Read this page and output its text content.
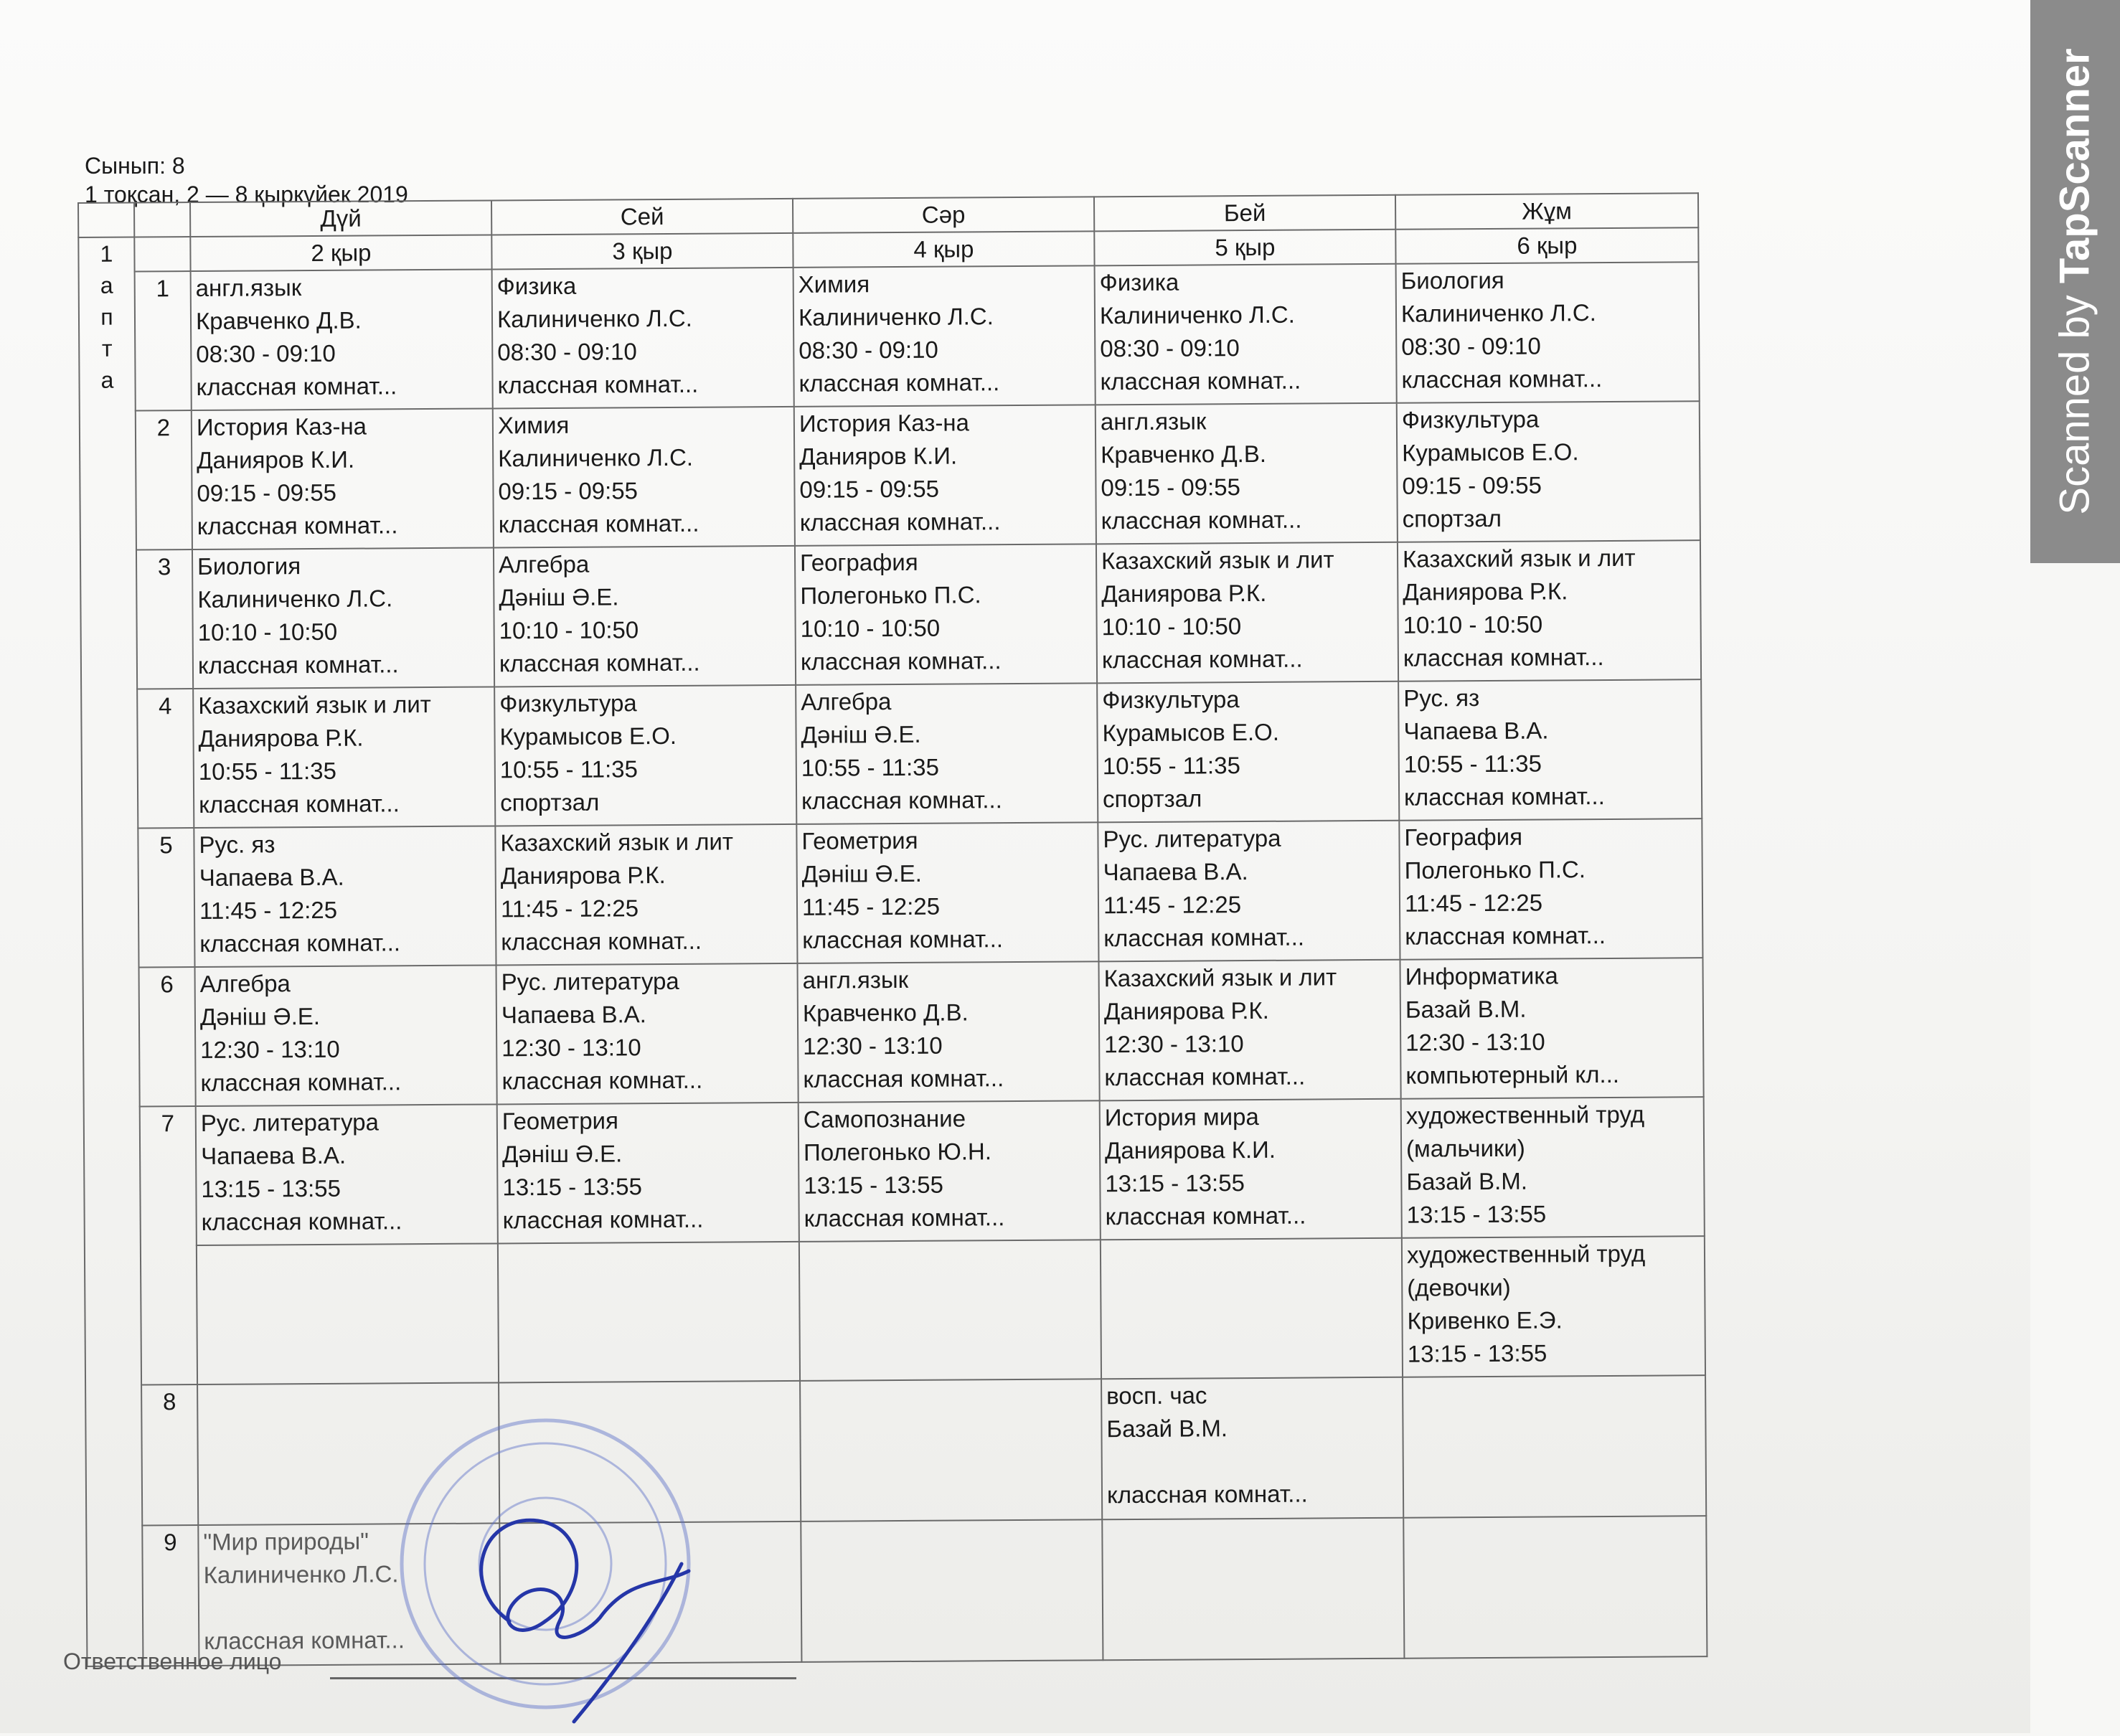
Сынып: 8
1 тоқсан, 2 — 8 қыркүйек 2019
		Дүй	Сей	Сәр	Бей	Жұм

1
а
п
т
а		2 қыр	3 қыр	4 қыр	5 қыр	6 қыр
	1	англ.язык
Кравченко Д.В.
08:30 - 09:10
классная комнат...	Физика
Калиниченко Л.С.
08:30 - 09:10
классная комнат...	Химия
Калиниченко Л.С.
08:30 - 09:10
классная комнат...	Физика
Калиниченко Л.С.
08:30 - 09:10
классная комнат...	Биология
Калиниченко Л.С.
08:30 - 09:10
классная комнат...

	2	История Каз-на
Данияров К.И.
09:15 - 09:55
классная комнат...	Химия
Калиниченко Л.С.
09:15 - 09:55
классная комнат...	История Каз-на
Данияров К.И.
09:15 - 09:55
классная комнат...	англ.язык
Кравченко Д.В.
09:15 - 09:55
классная комнат...	Физкультура
Курамысов Е.О.
09:15 - 09:55
спортзал

	3	Биология
Калиниченко Л.С.
10:10 - 10:50
классная комнат...	Алгебра
Дәніш Ә.Е.
10:10 - 10:50
классная комнат...	География
Полегонько П.С.
10:10 - 10:50
классная комнат...	Казахский язык и лит
Даниярова Р.К.
10:10 - 10:50
классная комнат...	Казахский язык и лит
Даниярова Р.К.
10:10 - 10:50
классная комнат...

	4	Казахский язык и лит
Даниярова Р.К.
10:55 - 11:35
классная комнат...	Физкультура
Курамысов Е.О.
10:55 - 11:35
спортзал	Алгебра
Дәніш Ә.Е.
10:55 - 11:35
классная комнат...	Физкультура
Курамысов Е.О.
10:55 - 11:35
спортзал	Рус. яз
Чапаева В.А.
10:55 - 11:35
классная комнат...

	5	Рус. яз
Чапаева В.А.
11:45 - 12:25
классная комнат...	Казахский язык и лит
Даниярова Р.К.
11:45 - 12:25
классная комнат...	Геометрия
Дәніш Ә.Е.
11:45 - 12:25
классная комнат...	Рус. литература
Чапаева В.А.
11:45 - 12:25
классная комнат...	География
Полегонько П.С.
11:45 - 12:25
классная комнат...

	6	Алгебра
Дәніш Ә.Е.
12:30 - 13:10
классная комнат...	Рус. литература
Чапаева В.А.
12:30 - 13:10
классная комнат...	англ.язык
Кравченко Д.В.
12:30 - 13:10
классная комнат...	Казахский язык и лит
Даниярова Р.К.
12:30 - 13:10
классная комнат...	Информатика
Базай В.М.
12:30 - 13:10
компьютерный кл...

	7	Рус. литература
Чапаева В.А.
13:15 - 13:55
классная комнат...	Геометрия
Дәніш Ә.Е.
13:15 - 13:55
классная комнат...	Самопознание
Полегонько Ю.Н.
13:15 - 13:55
классная комнат...	История мира
Даниярова К.И.
13:15 - 13:55
классная комнат...	художественный труд
(мальчики)
Базай В.М.
13:15 - 13:55

						художественный труд
(девочки)
Кривенко Е.Э.
13:15 - 13:55

	8				восп. час
Базай В.М.

классная комнат...	

	9	"Мир природы"
Калиниченко Л.С.

классная комнат...				

Ответственное лицо
Scanned by TapScanner
